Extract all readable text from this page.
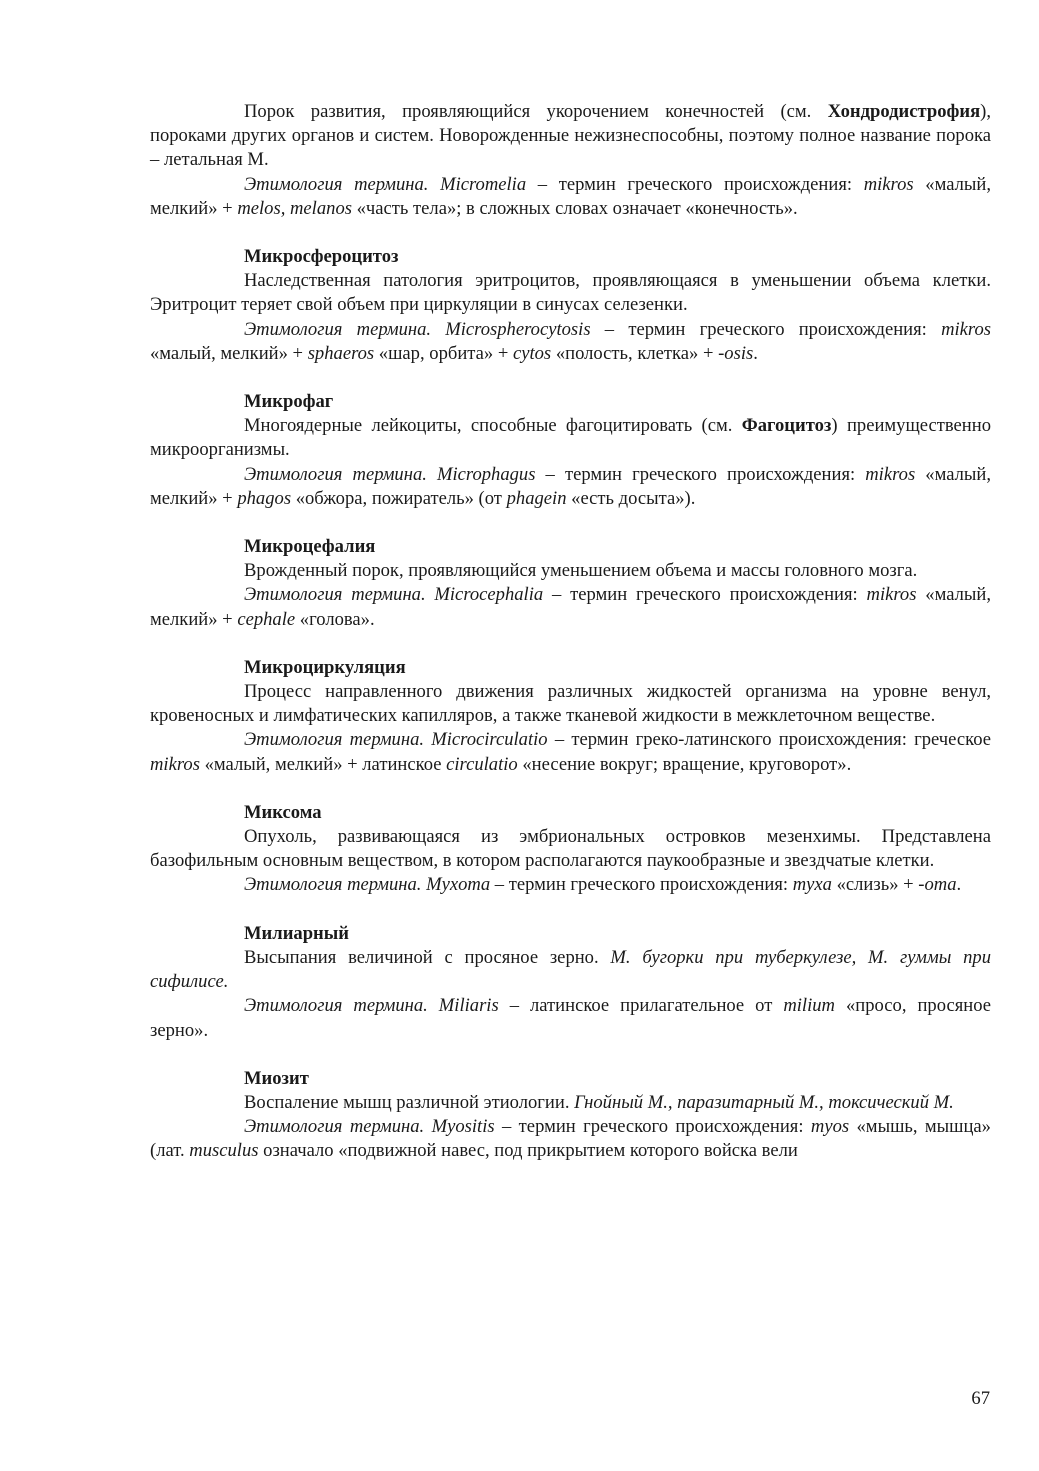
Порок развития, проявляющийся укорочением конечностей (см. Хондродистрофия), пороками других органов и систем. Новорожденные нежизнеспособны, поэтому полное название порока – летальная М.

Этимология термина. Micromelia – термин греческого происхождения: mikros «малый, мелкий» + melos, melanos «часть тела»; в сложных словах означает «конечность».

Микросфероцитоз

Наследственная патология эритроцитов, проявляющаяся в уменьшении объема клетки. Эритроцит теряет свой объем при циркуляции в синусах селезенки.

Этимология термина. Microspherocytosis – термин греческого происхождения: mikros «малый, мелкий» + sphaeros «шар, орбита» + cytos «полость, клетка» + -osis.

Микрофаг

Многоядерные лейкоциты, способные фагоцитировать (см. Фагоцитоз) преимущественно микроорганизмы.

Этимология термина. Microphagus – термин греческого происхождения: mikros «малый, мелкий» + phagos «обжора, пожиратель» (от phagein «есть досыта»).

Микроцефалия

Врожденный порок, проявляющийся уменьшением объема и массы головного мозга.

Этимология термина. Microcephalia – термин греческого происхождения: mikros «малый, мелкий» + cephale «голова».

Микроциркуляция

Процесс направленного движения различных жидкостей организма на уровне венул, кровеносных и лимфатических капилляров, а также тканевой жидкости в межклеточном веществе.

Этимология термина. Microcirculatio – термин греко-латинского происхождения: греческое mikros «малый, мелкий» + латинское circulatio «несение вокруг; вращение, круговорот».

Миксома

Опухоль, развивающаяся из эмбриональных островков мезенхимы. Представлена базофильным основным веществом, в котором располагаются паукообразные и звездчатые клетки.

Этимология термина. Myxoma – термин греческого происхождения: myxa «слизь» + -oma.

Милиарный

Высыпания величиной с просяное зерно. М. бугорки при туберкулезе, М. гуммы при сифилисе.

Этимология термина. Miliaris – латинское прилагательное от milium «просо, просяное зерно».

Миозит

Воспаление мышц различной этиологии. Гнойный М., паразитарный М., токсический М.

Этимология термина. Myositis – термин греческого происхождения: myos «мышь, мышца» (лат. musculus означало «подвижной навес, под прикрытием которого войска вели

67
